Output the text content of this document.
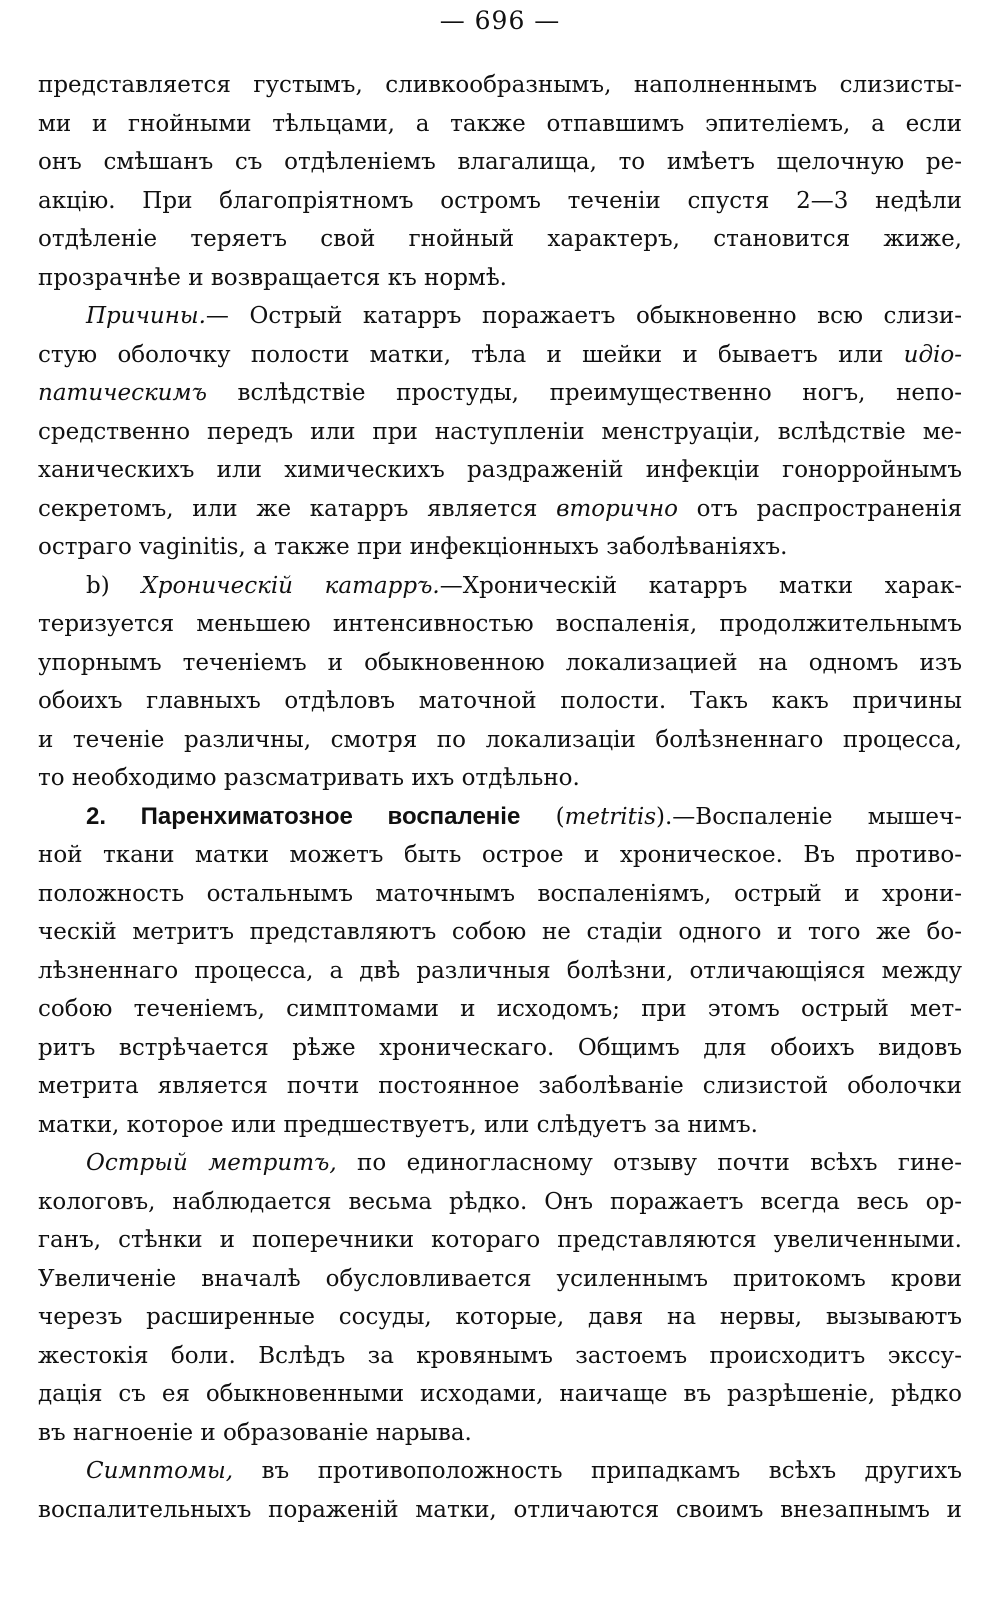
— 696 —
представляется густымъ, сливкообразнымъ, наполненнымъ слизисты-
ми и гнойными тѣльцами, а также отпавшимъ эпителіемъ, а если
онъ смѣшанъ съ отдѣленіемъ влагалища, то имѣетъ щелочную ре-
акцію. При благопріятномъ остромъ теченіи спустя 2—3 недѣли
отдѣленіе теряетъ свой гнойный характеръ, становится жиже,
прозрачнѣе и возвращается къ нормѣ.
Причины.— Острый катарръ поражаетъ обыкновенно всю слизи-
стую оболочку полости матки, тѣла и шейки и бываетъ или идіо-
патическимъ вслѣдствіе простуды, преимущественно ногъ, непо-
средственно передъ или при наступленіи менструаціи, вслѣдствіе ме-
ханическихъ или химическихъ раздраженій инфекціи гонорройнымъ
секретомъ, или же катарръ является вторично отъ распространенія
остраго vaginitis, а также при инфекціонныхъ заболѣваніяхъ.
b) Хроническій катарръ.—Хроническій катарръ матки харак-
теризуется меньшею интенсивностью воспаленія, продолжительнымъ
упорнымъ теченіемъ и обыкновенною локализацией на одномъ изъ
обоихъ главныхъ отдѣловъ маточной полости. Такъ какъ причины
и теченіе различны, смотря по локализаціи болѣзненнаго процесса,
то необходимо разсматривать ихъ отдѣльно.
2. Паренхиматозное воспаленіе (metritis).—Воспаленіе мышеч-
ной ткани матки можетъ быть острое и хроническое. Въ противо-
положность остальнымъ маточнымъ воспаленіямъ, острый и хрони-
ческій метритъ представляютъ собою не стадіи одного и того же бо-
лѣзненнаго процесса, а двѣ различныя болѣзни, отличающіяся между
собою теченіемъ, симптомами и исходомъ; при этомъ острый мет-
ритъ встрѣчается рѣже хроническаго. Общимъ для обоихъ видовъ
метрита является почти постоянное заболѣваніе слизистой оболочки
матки, которое или предшествуетъ, или слѣдуетъ за нимъ.
Острый метритъ, по единогласному отзыву почти всѣхъ гине-
кологовъ, наблюдается весьма рѣдко. Онъ поражаетъ всегда весь ор-
ганъ, стѣнки и поперечники котораго представляются увеличенными.
Увеличеніе вначалѣ обусловливается усиленнымъ притокомъ крови
черезъ расширенные сосуды, которые, давя на нервы, вызываютъ
жестокія боли. Вслѣдъ за кровянымъ застоемъ происходитъ экссу-
дація съ ея обыкновенными исходами, наичаще въ разрѣшеніе, рѣдко
въ нагноеніе и образованіе нарыва.
Симптомы, въ противоположность припадкамъ всѣхъ другихъ
воспалительныхъ пораженій матки, отличаются своимъ внезапнымъ и
